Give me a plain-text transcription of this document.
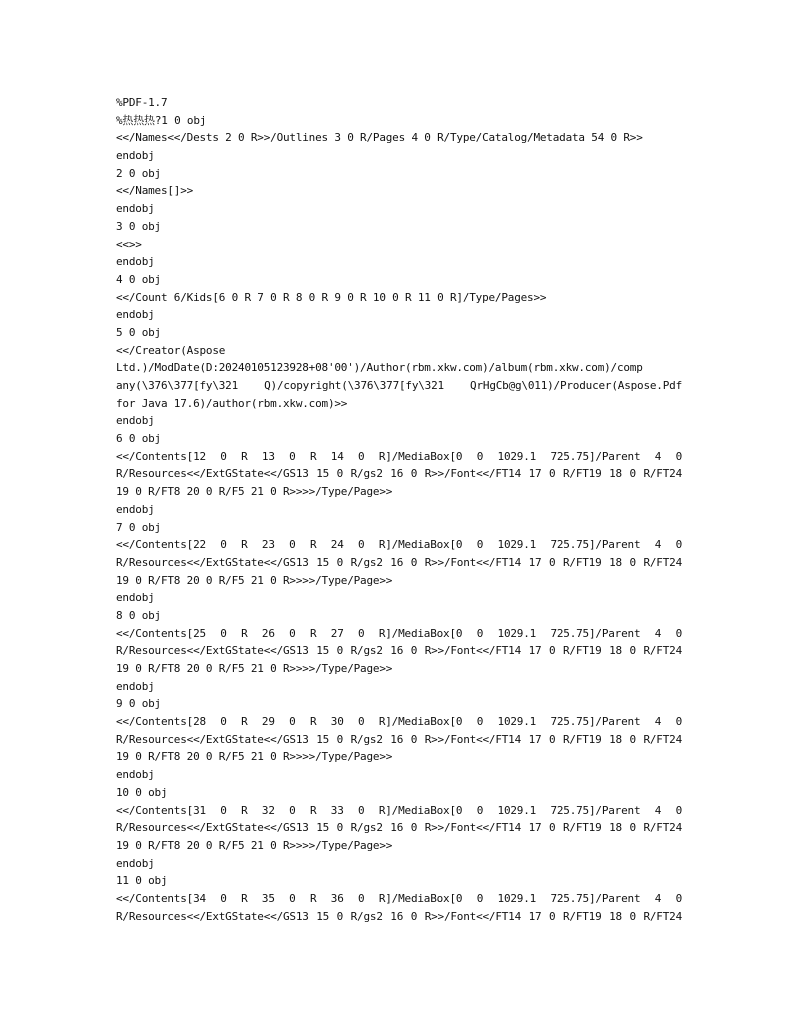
%PDF-1.7
%热热热?1 0 obj
<</Names<</Dests 2 0 R>>/Outlines 3 0 R/Pages 4 0 R/Type/Catalog/Metadata 54 0 R>>
endobj
2 0 obj
<</Names[]>>
endobj
3 0 obj
<<>>
endobj
4 0 obj
<</Count 6/Kids[6 0 R 7 0 R 8 0 R 9 0 R 10 0 R 11 0 R]/Type/Pages>>
endobj
5 0 obj
<</Creator(Aspose
Ltd.)/ModDate(D:20240105123928+08'00')/Author(rbm.xkw.com)/album(rbm.xkw.com)/comp
any(\376\377[fy\321 Q)/copyright(\376\377[fy\321 QrHgCb@g\011)/Producer(Aspose.Pdf
for Java 17.6)/author(rbm.xkw.com)>>
endobj
6 0 obj
<</Contents[12 0 R 13 0 R 14 0 R]/MediaBox[0 0 1029.1 725.75]/Parent 4 0
R/Resources<</ExtGState<</GS13 15 0 R/gs2 16 0 R>>/Font<</FT14 17 0 R/FT19 18 0 R/FT24
19 0 R/FT8 20 0 R/F5 21 0 R>>>>/Type/Page>>
endobj
7 0 obj
<</Contents[22 0 R 23 0 R 24 0 R]/MediaBox[0 0 1029.1 725.75]/Parent 4 0
R/Resources<</ExtGState<</GS13 15 0 R/gs2 16 0 R>>/Font<</FT14 17 0 R/FT19 18 0 R/FT24
19 0 R/FT8 20 0 R/F5 21 0 R>>>>/Type/Page>>
endobj
8 0 obj
<</Contents[25 0 R 26 0 R 27 0 R]/MediaBox[0 0 1029.1 725.75]/Parent 4 0
R/Resources<</ExtGState<</GS13 15 0 R/gs2 16 0 R>>/Font<</FT14 17 0 R/FT19 18 0 R/FT24
19 0 R/FT8 20 0 R/F5 21 0 R>>>>/Type/Page>>
endobj
9 0 obj
<</Contents[28 0 R 29 0 R 30 0 R]/MediaBox[0 0 1029.1 725.75]/Parent 4 0
R/Resources<</ExtGState<</GS13 15 0 R/gs2 16 0 R>>/Font<</FT14 17 0 R/FT19 18 0 R/FT24
19 0 R/FT8 20 0 R/F5 21 0 R>>>>/Type/Page>>
endobj
10 0 obj
<</Contents[31 0 R 32 0 R 33 0 R]/MediaBox[0 0 1029.1 725.75]/Parent 4 0
R/Resources<</ExtGState<</GS13 15 0 R/gs2 16 0 R>>/Font<</FT14 17 0 R/FT19 18 0 R/FT24
19 0 R/FT8 20 0 R/F5 21 0 R>>>>/Type/Page>>
endobj
11 0 obj
<</Contents[34 0 R 35 0 R 36 0 R]/MediaBox[0 0 1029.1 725.75]/Parent 4 0
R/Resources<</ExtGState<</GS13 15 0 R/gs2 16 0 R>>/Font<</FT14 17 0 R/FT19 18 0 R/FT24
